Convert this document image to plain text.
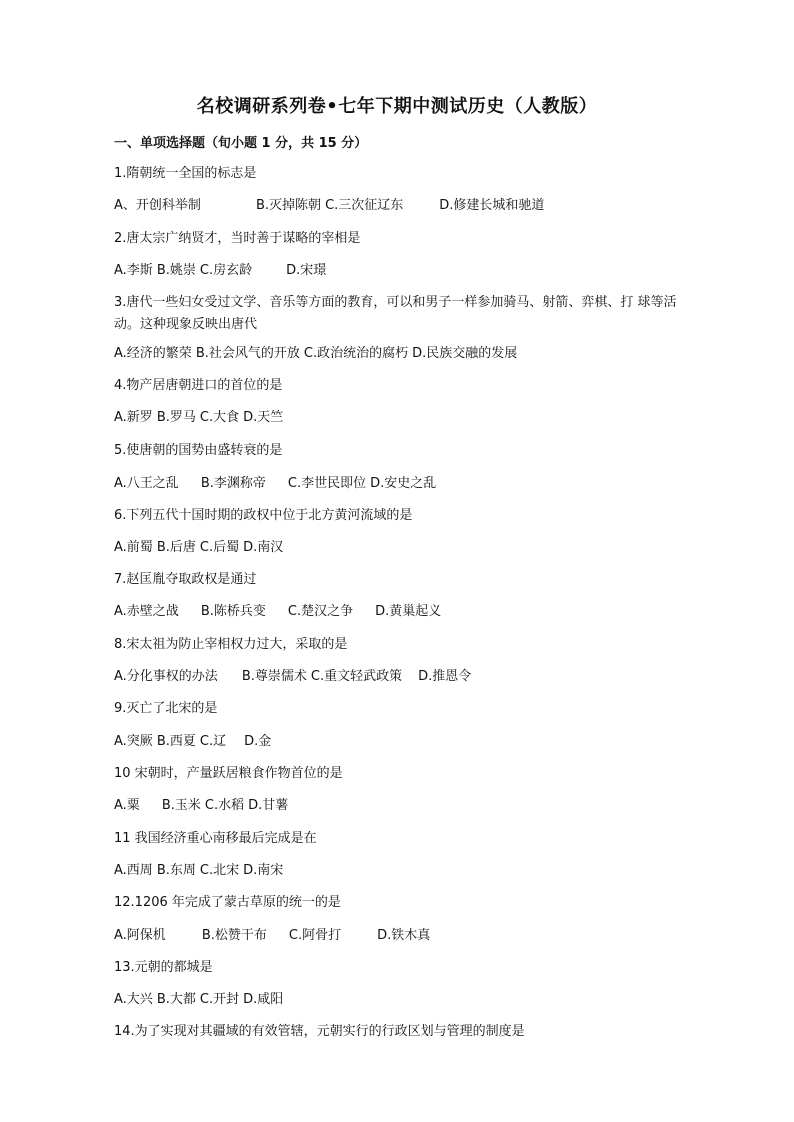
名校调研系列卷•七年下期中测试历史（人教版）
一、单项选择题（旬小题 1 分，共 15 分）
1.隋朝统一全国的标志是
A、开创科举制	B.灭掉陈朝 C.三次征辽东	D.修建长城和驰道
2.唐太宗广纳贤才，当时善于谋略的宰相是
A.李斯 B.姚崇 C.房玄龄	D.宋璟
3.唐代一些妇女受过文学、音乐等方面的教育，可以和男子一样参加骑马、射箭、弈棋、打 球等活动。这种现象反映出唐代
A.经济的繁荣 B.社会风气的开放 C.政治统治的腐朽 D.民族交融的发展
4.物产居唐朝进口的首位的是
A.新罗 B.罗马 C.大食 D.天竺
5.使唐朝的国势由盛转衰的是
A.八王之乱 B.李渊称帝 C.李世民即位 D.安史之乱
6.下列五代十国时期的政权中位于北方黄河流域的是
A.前蜀 B.后唐 C.后蜀 D.南汉
7.赵匡胤夺取政权是通过
A.赤壁之战 B.陈桥兵变 C.楚汉之争 D.黄巢起义
8.宋太祖为防止宰相权力过大，采取的是
A.分化事权的办法 B.尊崇儒术 C.重文轻武政策 D.推恩令
9.灭亡了北宋的是
A.突厥 B.西夏 C.辽 D.金
10 宋朝时，产量跃居粮食作物首位的是
A.粟 B.玉米 C.水稻 D.甘薯
11 我国经济重心南移最后完成是在
A.西周 B.东周 C.北宋 D.南宋
12.1206 年完成了蒙古草原的统一的是
A.阿保机	B.松赞干布 C.阿骨打	D.铁木真
13.元朝的都城是
A.大兴 B.大都 C.开封 D.咸阳
14.为了实现对其疆域的有效管辖，元朝实行的行政区划与管理的制度是
